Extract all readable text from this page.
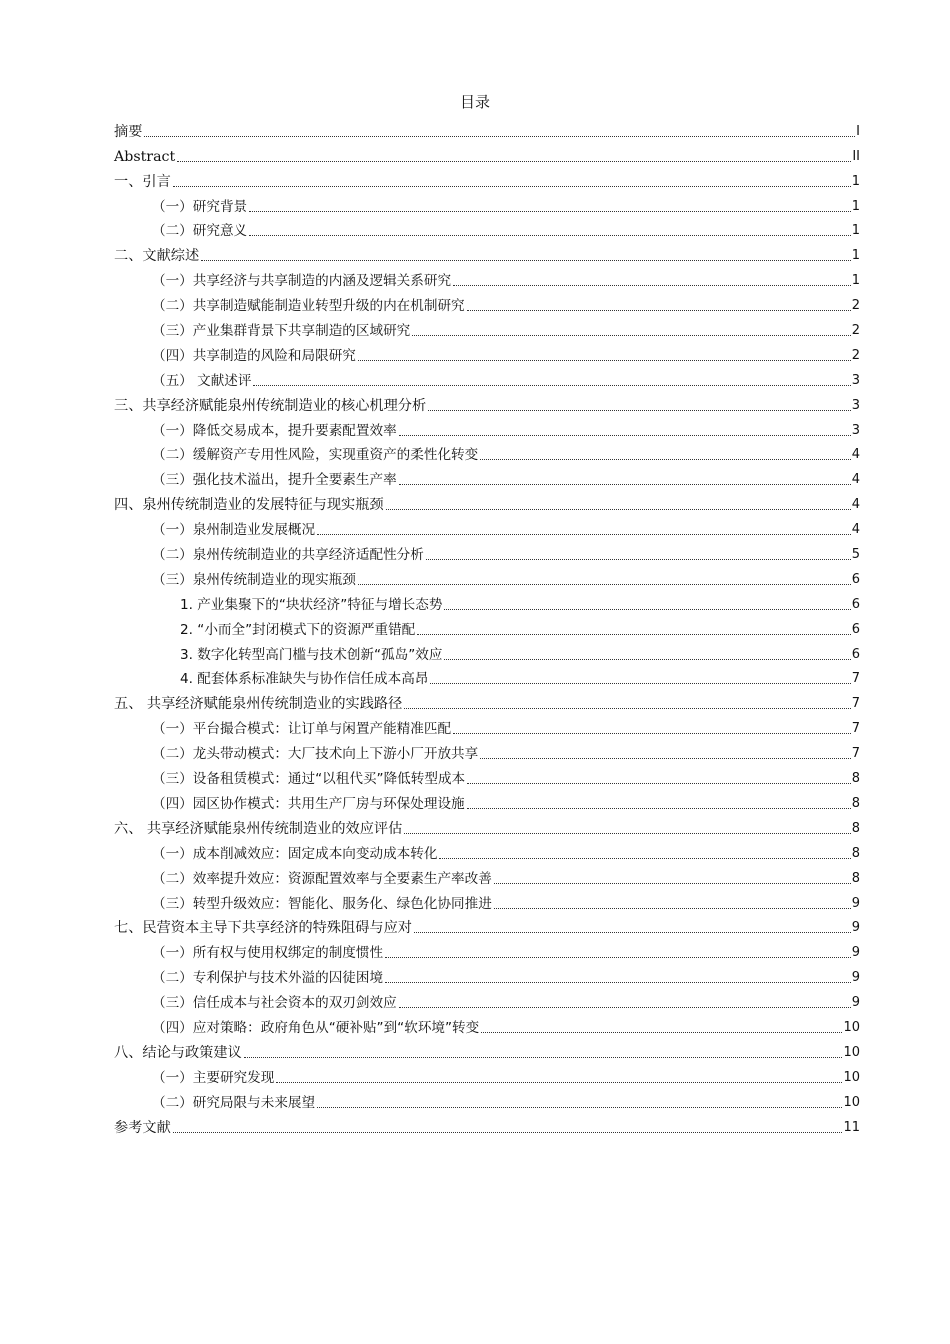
目录
摘要	I
Abstract	II
一、引言	1
（一）研究背景	1
（二）研究意义	1
二、文献综述	1
（一）共享经济与共享制造的内涵及逻辑关系研究	1
（二）共享制造赋能制造业转型升级的内在机制研究	2
（三）产业集群背景下共享制造的区域研究	2
（四）共享制造的风险和局限研究	2
（五） 文献述评	3
三、共享经济赋能泉州传统制造业的核心机理分析	3
（一）降低交易成本，提升要素配置效率	3
（二）缓解资产专用性风险，实现重资产的柔性化转变	4
（三）强化技术溢出，提升全要素生产率	4
四、泉州传统制造业的发展特征与现实瓶颈	4
（一）泉州制造业发展概况	4
（二）泉州传统制造业的共享经济适配性分析	5
（三）泉州传统制造业的现实瓶颈	6
1. 产业集聚下的“块状经济”特征与增长态势	6
2. “小而全”封闭模式下的资源严重错配	6
3. 数字化转型高门槛与技术创新“孤岛”效应	6
4. 配套体系标准缺失与协作信任成本高昂	7
五、 共享经济赋能泉州传统制造业的实践路径	7
（一）平台撮合模式：让订单与闲置产能精准匹配	7
（二）龙头带动模式：大厂技术向上下游小厂开放共享	7
（三）设备租赁模式：通过“以租代买”降低转型成本	8
（四）园区协作模式：共用生产厂房与环保处理设施	8
六、 共享经济赋能泉州传统制造业的效应评估	8
（一）成本削减效应：固定成本向变动成本转化	8
（二）效率提升效应：资源配置效率与全要素生产率改善	8
（三）转型升级效应：智能化、服务化、绿色化协同推进	9
七、民营资本主导下共享经济的特殊阻碍与应对	9
（一）所有权与使用权绑定的制度惯性	9
（二）专利保护与技术外溢的囚徒困境	9
（三）信任成本与社会资本的双刃剑效应	9
（四）应对策略：政府角色从“硬补贴”到“软环境”转变	10
八、结论与政策建议	10
（一）主要研究发现	10
（二）研究局限与未来展望	10
参考文献	11
